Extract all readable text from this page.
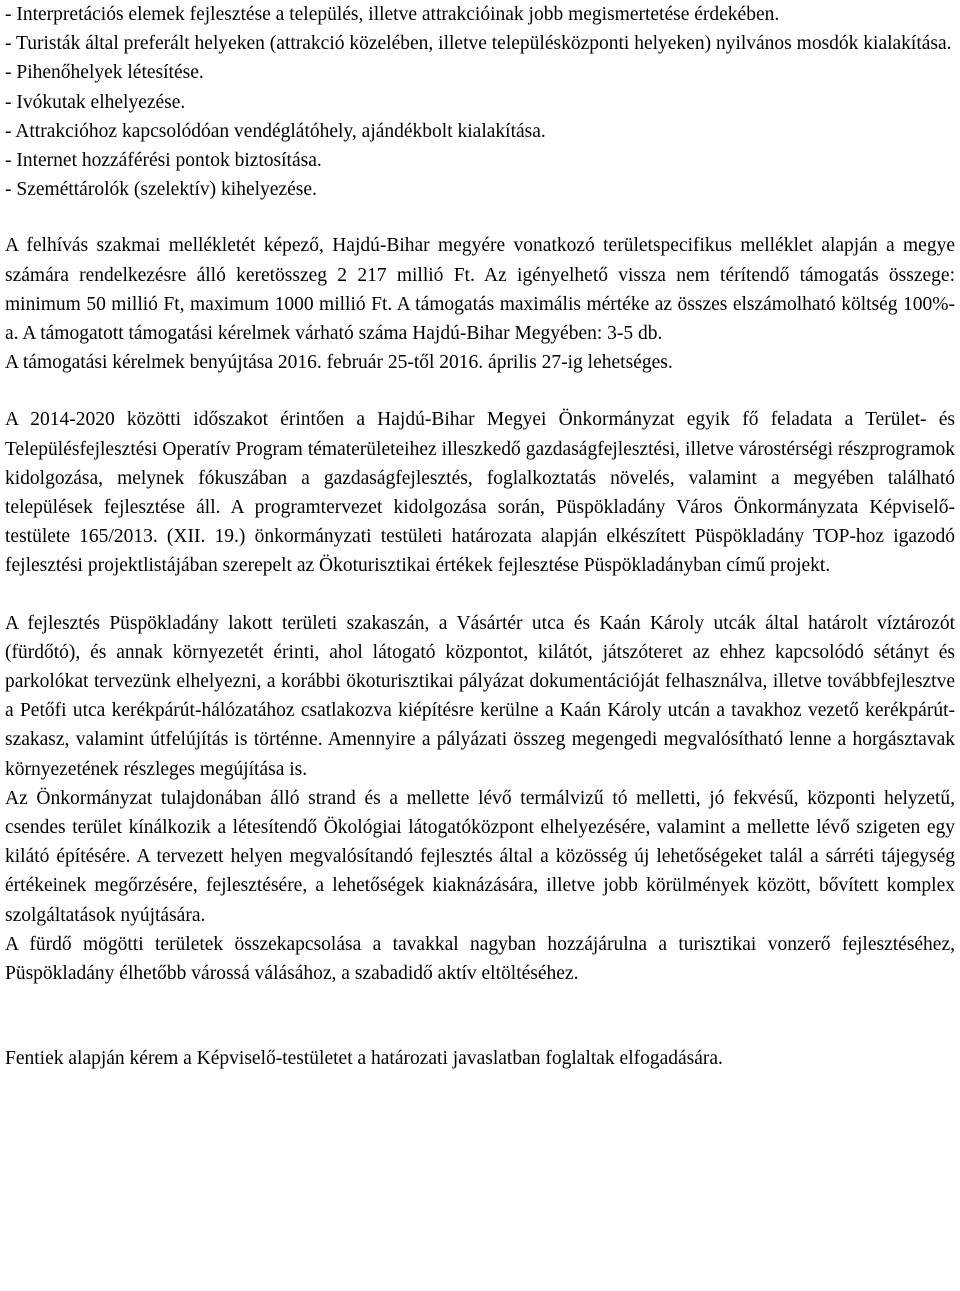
- Interpretációs elemek fejlesztése a település, illetve attrakcióinak jobb megismertetése érdekében.

- Turisták által preferált helyeken (attrakció közelében, illetve településközponti helyeken) nyilvános mosdók kialakítása.

- Pihenőhelyek létesítése.

- Ivókutak elhelyezése.

- Attrakcióhoz kapcsolódóan vendéglátóhely, ajándékbolt kialakítása.

- Internet hozzáférési pontok biztosítása.

- Szeméttárolók (szelektív) kihelyezése.

A felhívás szakmai mellékletét képező, Hajdú-Bihar megyére vonatkozó területspecifikus melléklet alapján a megye számára rendelkezésre álló keretösszeg 2 217 millió Ft. Az igényelhető vissza nem térítendő támogatás összege: minimum 50 millió Ft, maximum 1000 millió Ft. A támogatás maximális mértéke az összes elszámolható költség 100%-a. A támogatott támogatási kérelmek várható száma Hajdú-Bihar Megyében: 3-5 db.

A támogatási kérelmek benyújtása 2016. február 25-től 2016. április 27-ig lehetséges.

A 2014-2020 közötti időszakot érintően a Hajdú-Bihar Megyei Önkormányzat egyik fő feladata a Terület- és Településfejlesztési Operatív Program tématerületeihez illeszkedő gazdaságfejlesztési, illetve várostérségi részprogramok kidolgozása, melynek fókuszában a gazdaságfejlesztés, foglalkoztatás növelés, valamint a megyében található települések fejlesztése áll. A programtervezet kidolgozása során, Püspökladány Város Önkormányzata Képviselő-testülete 165/2013. (XII. 19.) önkormányzati testületi határozata alapján elkészített Püspökladány TOP-hoz igazodó fejlesztési projektlistájában szerepelt az Ökoturisztikai értékek fejlesztése Püspökladányban című projekt.

A fejlesztés Püspökladány lakott területi szakaszán, a Vásártér utca és Kaán Károly utcák által határolt víztározót (fürdőtó), és annak környezetét érinti, ahol látogató központot, kilátót, játszóteret az ehhez kapcsolódó sétányt és parkolókat tervezünk elhelyezni, a korábbi ökoturisztikai pályázat dokumentációját felhasználva, illetve továbbfejlesztve a Petőfi utca kerékpárút-hálózatához csatlakozva kiépítésre kerülne a Kaán Károly utcán a tavakhoz vezető kerékpárút-szakasz, valamint útfelújítás is történne. Amennyire a pályázati összeg megengedi megvalósítható lenne a horgásztavak környezetének részleges megújítása is.

Az Önkormányzat tulajdonában álló strand és a mellette lévő termálvizű tó melletti, jó fekvésű, központi helyzetű, csendes terület kínálkozik a létesítendő Ökológiai látogatóközpont elhelyezésére, valamint a mellette lévő szigeten egy kilátó építésére. A tervezett helyen megvalósítandó fejlesztés által a közösség új lehetőségeket talál a sárréti tájegység értékeinek megőrzésére, fejlesztésére, a lehetőségek kiaknázására, illetve jobb körülmények között, bővített komplex szolgáltatások nyújtására.

A fürdő mögötti területek összekapcsolása a tavakkal nagyban hozzájárulna a turisztikai vonzerő fejlesztéséhez, Püspökladány élhetőbb várossá válásához, a szabadidő aktív eltöltéséhez.

Fentiek alapján kérem a Képviselő-testületet a határozati javaslatban foglaltak elfogadására.
